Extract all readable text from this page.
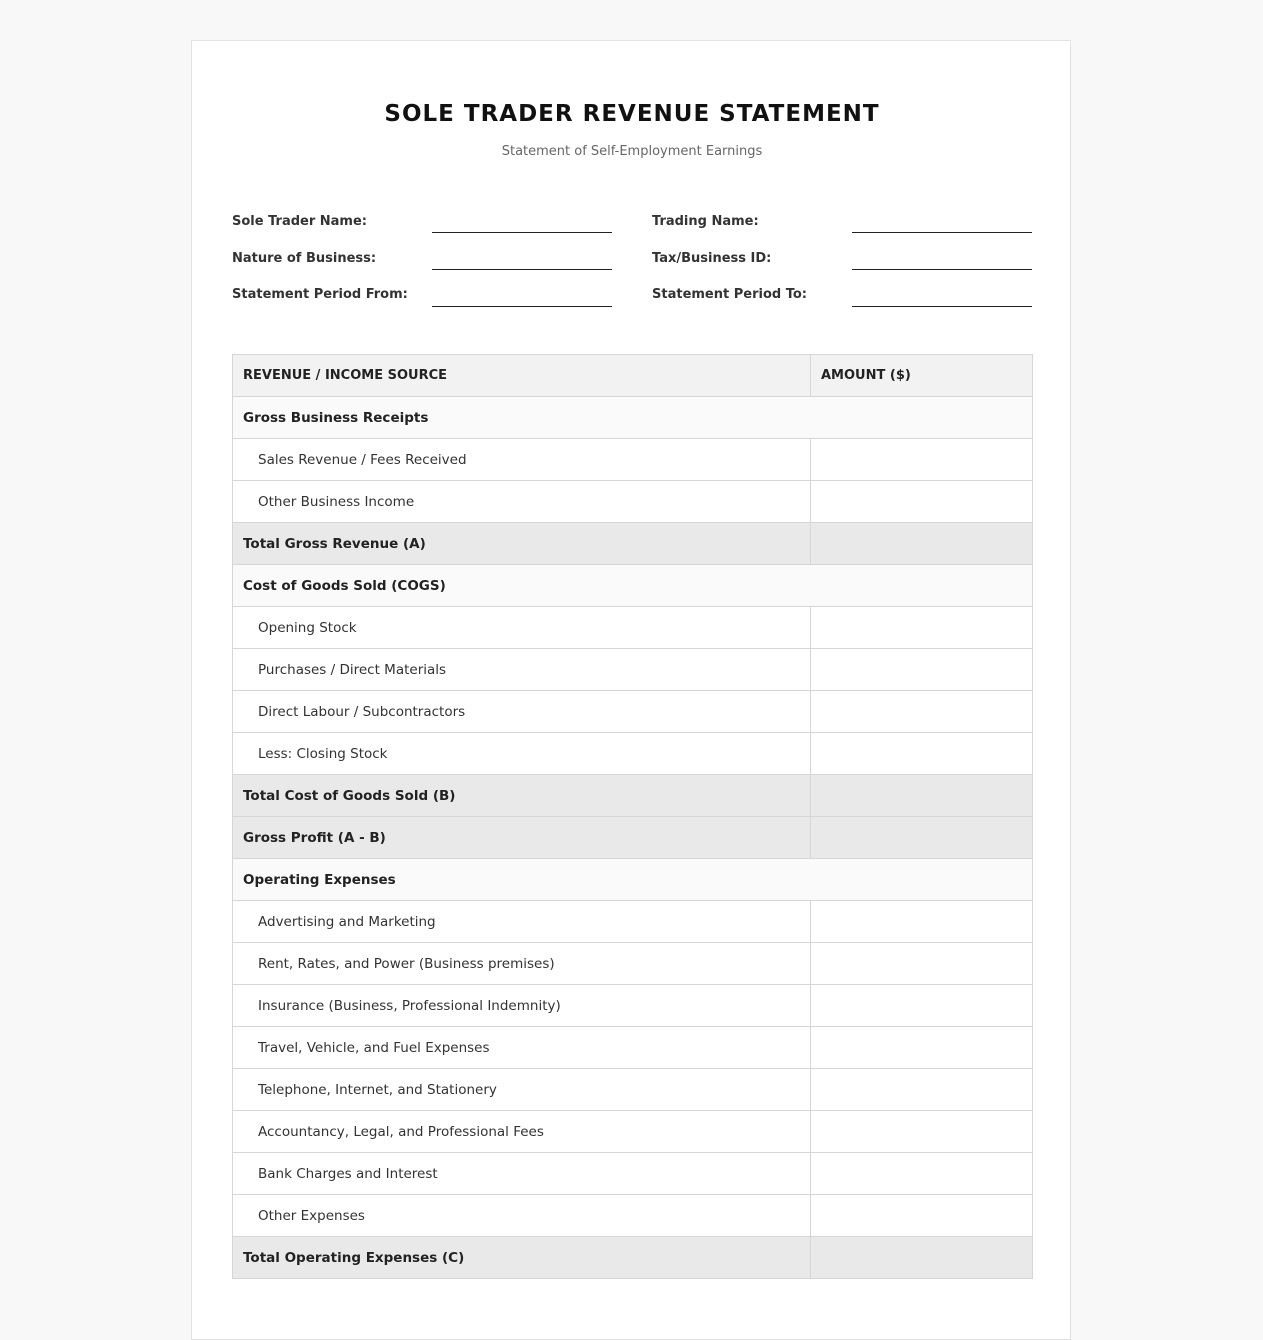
SOLE TRADER REVENUE STATEMENT
Statement of Self-Employment Earnings
Sole Trader Name:	Trading Name:
Nature of Business:	Tax/Business ID:
Statement Period From:	Statement Period To:
REVENUE / INCOME SOURCE	AMOUNT ($)
Gross Business Receipts	
Sales Revenue / Fees Received	
Other Business Income	
Total Gross Revenue (A)	
Cost of Goods Sold (COGS)	
Opening Stock	
Purchases / Direct Materials	
Direct Labour / Subcontractors	
Less: Closing Stock	
Total Cost of Goods Sold (B)	
Gross Profit (A - B)	
Operating Expenses	
Advertising and Marketing	
Rent, Rates, and Power (Business premises)	
Insurance (Business, Professional Indemnity)	
Travel, Vehicle, and Fuel Expenses	
Telephone, Internet, and Stationery	
Accountancy, Legal, and Professional Fees	
Bank Charges and Interest	
Other Expenses	
Total Operating Expenses (C)	
